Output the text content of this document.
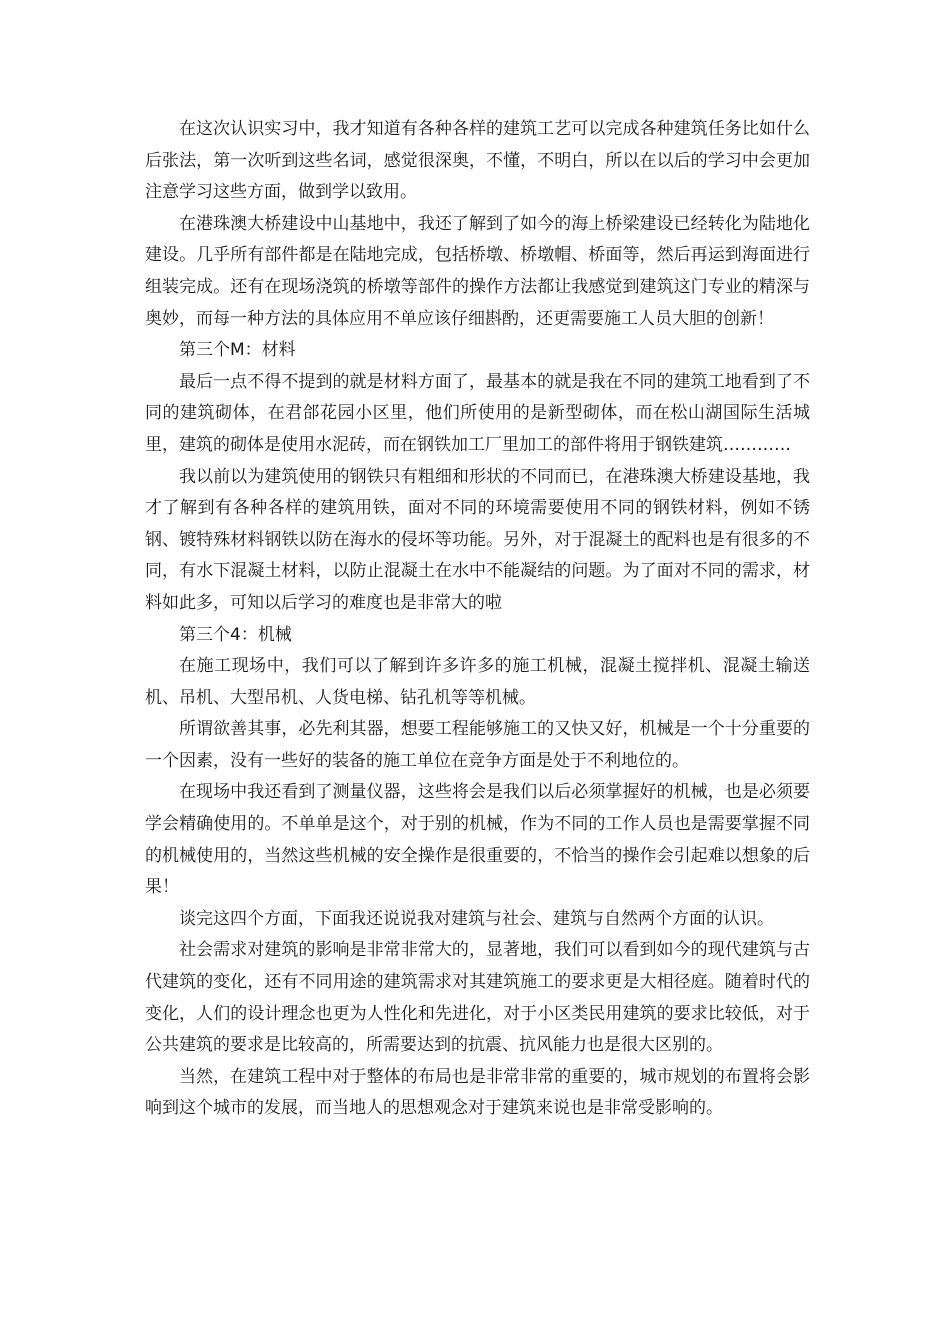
在这次认识实习中，我才知道有各种各样的建筑工艺可以完成各种建筑任务比如什么后张法，第一次听到这些名词，感觉很深奥，不懂，不明白，所以在以后的学习中会更加注意学习这些方面，做到学以致用。

在港珠澳大桥建设中山基地中，我还了解到了如今的海上桥梁建设已经转化为陆地化建设。几乎所有部件都是在陆地完成，包括桥墩、桥墩帽、桥面等，然后再运到海面进行组装完成。还有在现场浇筑的桥墩等部件的操作方法都让我感觉到建筑这门专业的精深与奥妙，而每一种方法的具体应用不单应该仔细斟酌，还更需要施工人员大胆的创新！

第三个M：材料

最后一点不得不提到的就是材料方面了，最基本的就是我在不同的建筑工地看到了不同的建筑砌体，在君郃花园小区里，他们所使用的是新型砌体，而在松山湖国际生活城里，建筑的砌体是使用水泥砖，而在钢铁加工厂里加工的部件将用于钢铁建筑…………

我以前以为建筑使用的钢铁只有粗细和形状的不同而已，在港珠澳大桥建设基地，我才了解到有各种各样的建筑用铁，面对不同的环境需要使用不同的钢铁材料，例如不锈钢、镀特殊材料钢铁以防在海水的侵坏等功能。另外，对于混凝土的配料也是有很多的不同，有水下混凝土材料，以防止混凝土在水中不能凝结的问题。为了面对不同的需求，材料如此多，可知以后学习的难度也是非常大的啦

第三个4：机械

在施工现场中，我们可以了解到许多许多的施工机械，混凝土搅拌机、混凝土输送机、吊机、大型吊机、人货电梯、钻孔机等等机械。

所谓欲善其事，必先利其器，想要工程能够施工的又快又好，机械是一个十分重要的一个因素，没有一些好的装备的施工单位在竞争方面是处于不利地位的。

在现场中我还看到了测量仪器，这些将会是我们以后必须掌握好的机械，也是必须要学会精确使用的。不单单是这个，对于别的机械，作为不同的工作人员也是需要掌握不同的机械使用的，当然这些机械的安全操作是很重要的，不恰当的操作会引起难以想象的后果！

谈完这四个方面，下面我还说说我对建筑与社会、建筑与自然两个方面的认识。

社会需求对建筑的影响是非常非常大的，显著地，我们可以看到如今的现代建筑与古代建筑的变化，还有不同用途的建筑需求对其建筑施工的要求更是大相径庭。随着时代的变化，人们的设计理念也更为人性化和先进化，对于小区类民用建筑的要求比较低，对于公共建筑的要求是比较高的，所需要达到的抗震、抗风能力也是很大区别的。

当然，在建筑工程中对于整体的布局也是非常非常的重要的，城市规划的布置将会影响到这个城市的发展，而当地人的思想观念对于建筑来说也是非常受影响的。
